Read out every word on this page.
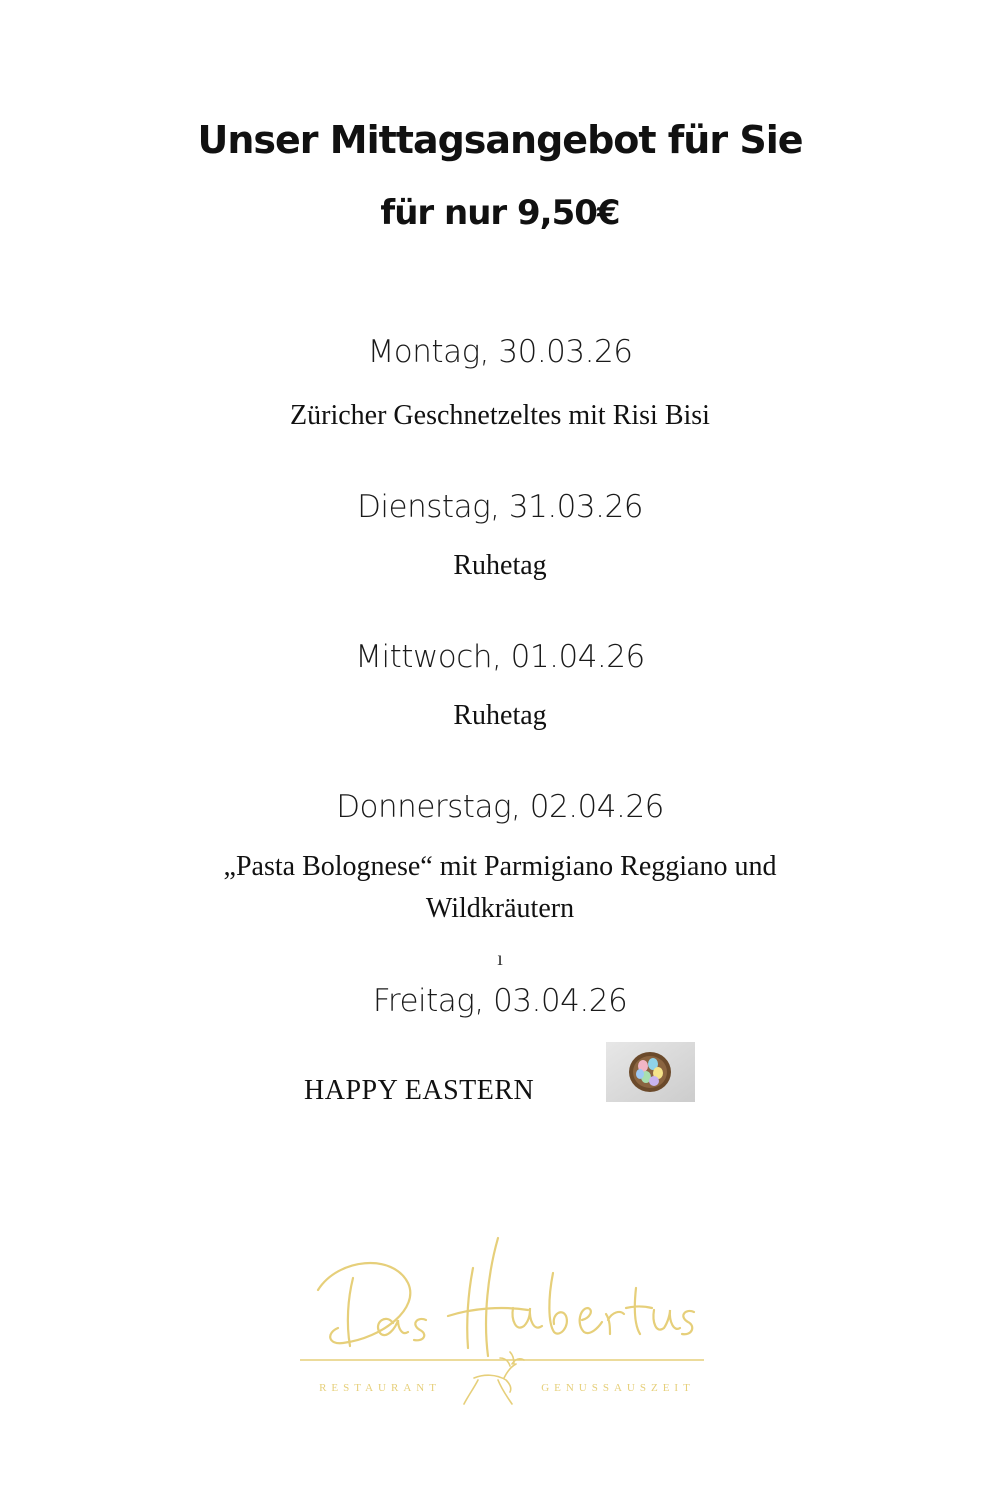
Unser Mittagsangebot für Sie
für nur 9,50€
Montag, 30.03.26
Züricher Geschnetzeltes mit Risi Bisi
Dienstag, 31.03.26
Ruhetag
Mittwoch, 01.04.26
Ruhetag
Donnerstag, 02.04.26
„Pasta Bolognese“ mit Parmigiano Reggiano und Wildkräutern
ı
Freitag, 03.04.26
HAPPY EASTERN
RESTAURANT	GENUSSAUSZEIT
